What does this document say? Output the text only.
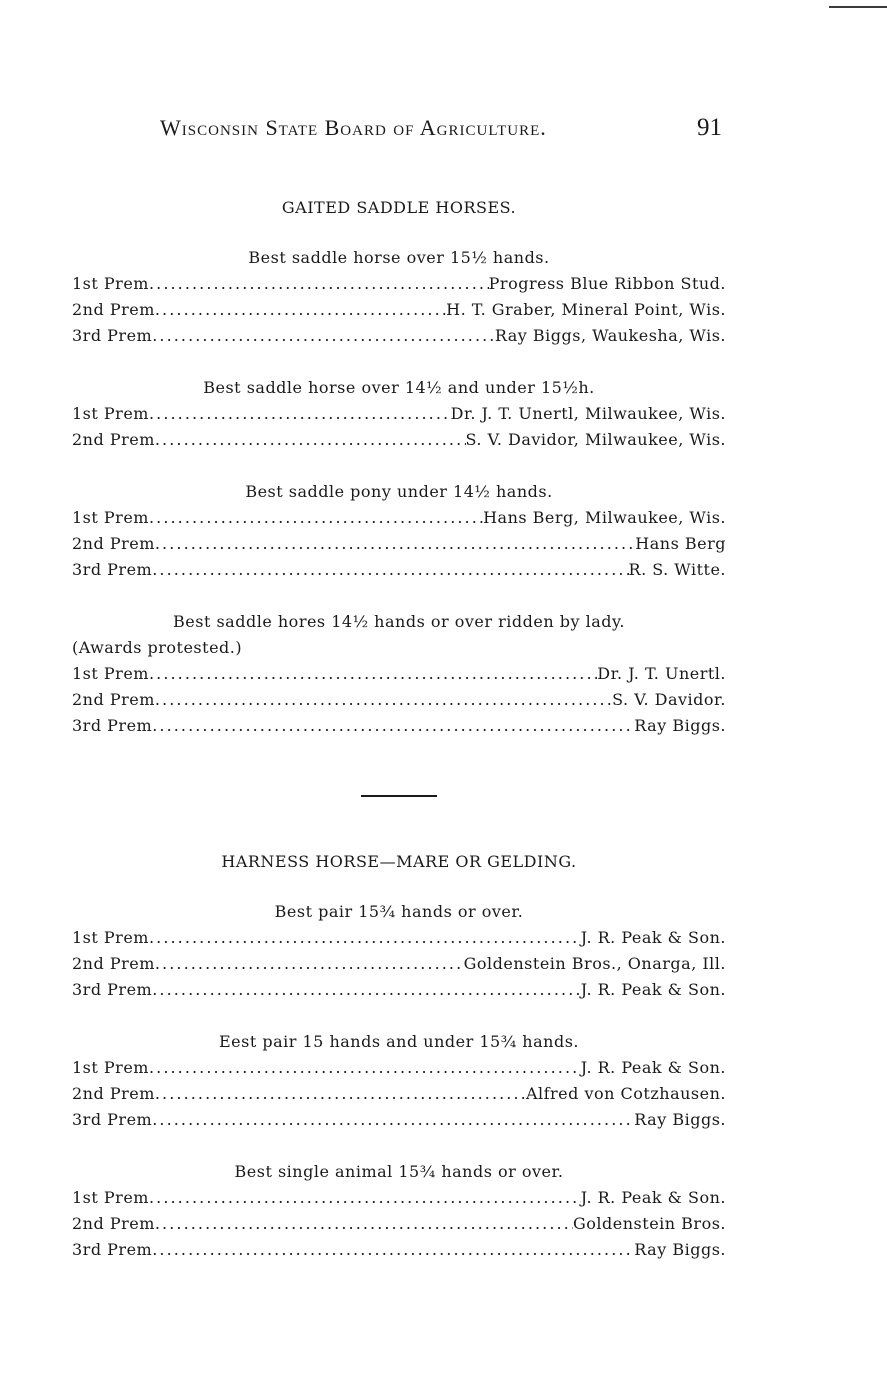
Wisconsin State Board of Agriculture.	91
GAITED SADDLE HORSES.
Best saddle horse over 15½ hands.
1st Prem . . .	Progress Blue Ribbon Stud.
2nd Prem . . .	H. T. Graber, Mineral Point, Wis.
3rd Prem . . .	Ray Biggs, Waukesha, Wis.
Best saddle horse over 14½ and under 15½h.
1st Prem . . .	Dr. J. T. Unertl, Milwaukee, Wis.
2nd Prem . . .	S. V. Davidor, Milwaukee, Wis.
Best saddle pony under 14½ hands.
1st Prem . . .	Hans Berg, Milwaukee, Wis.
2nd Prem . . .	Hans Berg
3rd Prem . . .	R. S. Witte.
Best saddle hores 14½ hands or over ridden by lady.
(Awards protested.)
1st Prem . . .	Dr. J. T. Unertl.
2nd Prem . . .	S. V. Davidor.
3rd Prem . . .	Ray Biggs.
HARNESS HORSE—MARE OR GELDING.
Best pair 15¾ hands or over.
1st Prem . . .	J. R. Peak & Son.
2nd Prem . . .	Goldenstein Bros., Onarga, Ill.
3rd Prem . . .	J. R. Peak & Son.
Eest pair 15 hands and under 15¾ hands.
1st Prem . . .	J. R. Peak & Son.
2nd Prem . . .	Alfred von Cotzhausen.
3rd Prem . . .	Ray Biggs.
Best single animal 15¾ hands or over.
1st Prem . . .	J. R. Peak & Son.
2nd Prem . . .	Goldenstein Bros.
3rd Prem . . .	Ray Biggs.
